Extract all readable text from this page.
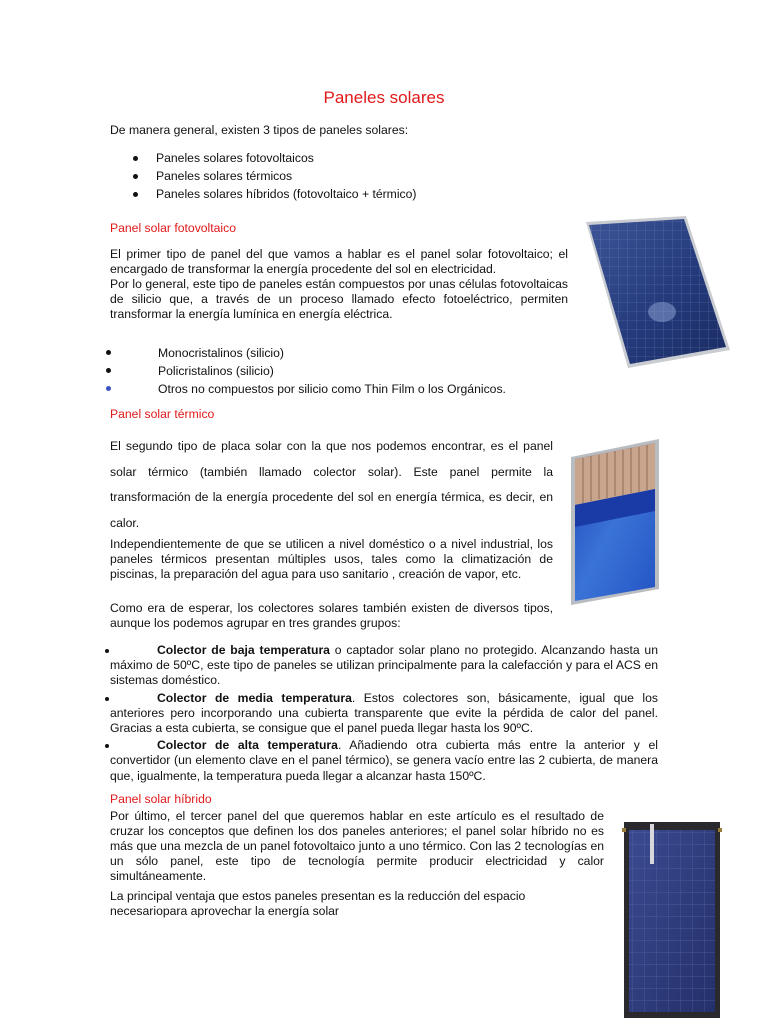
Paneles solares

De manera general, existen 3 tipos de paneles solares:

Paneles solares fotovoltaicos
Paneles solares térmicos
Paneles solares híbridos (fotovoltaico + térmico)
Panel solar fotovoltaico

El primer tipo de panel del que vamos a hablar es el panel solar fotovoltaico; el encargado de transformar la energía procedente del sol en electricidad.

Por lo general, este tipo de paneles están compuestos por unas células fotovoltaicas de silicio que, a través de un proceso llamado efecto fotoeléctrico, permiten transformar la energía lumínica en energía eléctrica.

Monocristalinos (silicio)
Policristalinos (silicio)
Otros no compuestos por silicio como Thin Film o los Orgánicos.
Panel solar térmico

El segundo tipo de placa solar con la que nos podemos encontrar, es el panel solar térmico (también llamado colector solar). Este panel permite la transformación de la energía procedente del sol en energía térmica, es decir, en calor.

Independientemente de que se utilicen a nivel doméstico o a nivel industrial, los paneles térmicos presentan múltiples usos, tales como la climatización de piscinas, la preparación del agua para uso sanitario , creación de vapor, etc.

Como era de esperar, los colectores solares también existen de diversos tipos, aunque los podemos agrupar en tres grandes grupos:

Colector de baja temperatura o captador solar plano no protegido. Alcanzando hasta un máximo de 50ºC, este tipo de paneles se utilizan principalmente para la calefacción y para el ACS en sistemas doméstico.
Colector de media temperatura. Estos colectores son, básicamente, igual que los anteriores pero incorporando una cubierta transparente que evite la pérdida de calor del panel. Gracias a esta cubierta, se consigue que el panel pueda llegar hasta los 90ºC.
Colector de alta temperatura. Añadiendo otra cubierta más entre la anterior y el convertidor (un elemento clave en el panel térmico), se genera vacío entre las 2 cubierta, de manera que, igualmente, la temperatura pueda llegar a alcanzar hasta 150ºC.
Panel solar híbrido

Por último, el tercer panel del que queremos hablar en este artículo es el resultado de cruzar los conceptos que definen los dos paneles anteriores; el panel solar híbrido no es más que una mezcla de un panel fotovoltaico junto a uno térmico. Con las 2 tecnologías en un sólo panel, este tipo de tecnología permite producir electricidad y calor simultáneamente.

La principal ventaja que estos paneles presentan es la reducción del espacio necesariopara aprovechar la energía solar
